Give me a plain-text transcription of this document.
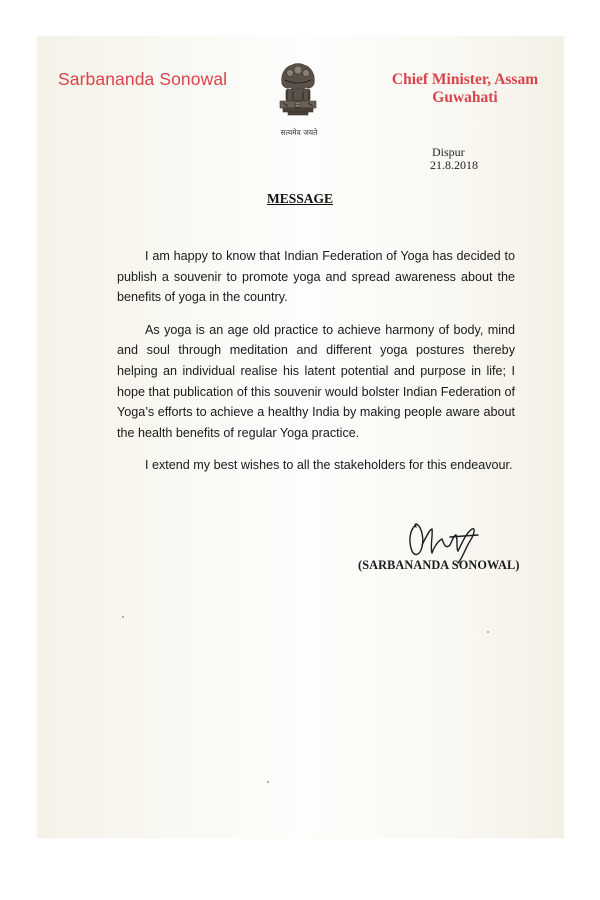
Sarbananda Sonowal
सत्यमेव जयते
Chief Minister, Assam
Guwahati
Dispur
21.8.2018
MESSAGE

I am happy to know that Indian Federation of Yoga has decided to publish a souvenir to promote yoga and spread awareness about the benefits of yoga in the country.

As yoga is an age old practice to achieve harmony of body, mind and soul through meditation and different yoga postures thereby helping an individual realise his latent potential and purpose in life; I hope that publication of this souvenir would bolster Indian Federation of Yoga’s efforts to achieve a healthy India by making people aware about the health benefits of regular Yoga practice.

I extend my best wishes to all the stakeholders for this endeavour.

(SARBANANDA SONOWAL)
